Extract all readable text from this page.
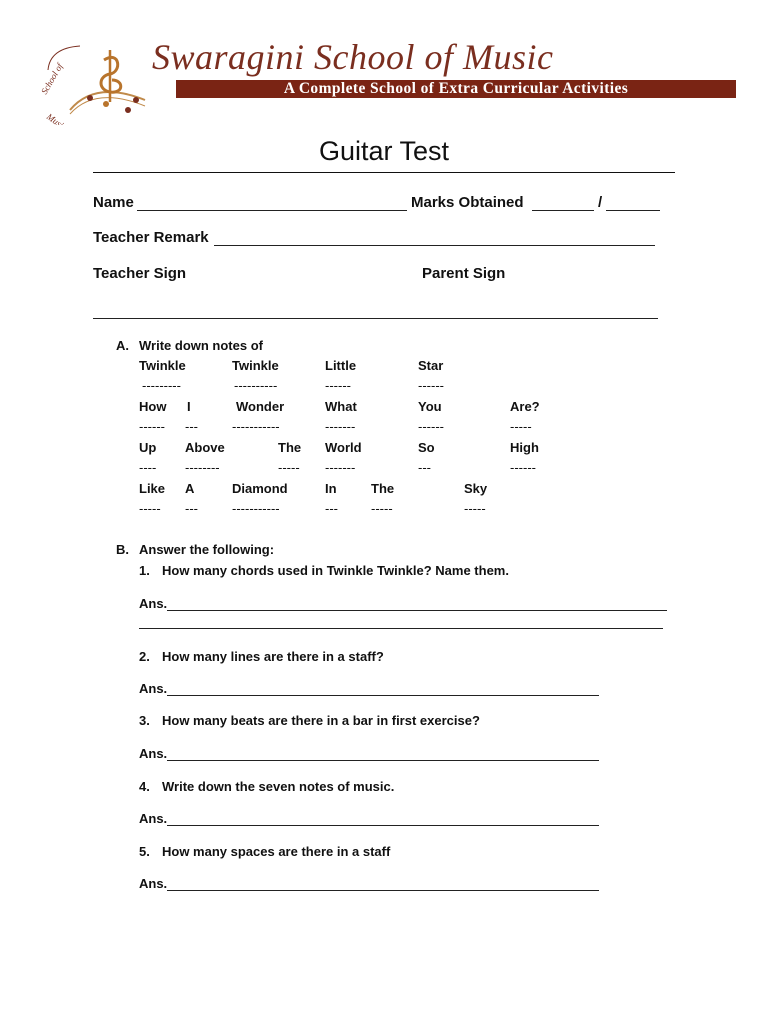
School of
Music
Swaragini School of Music
A Complete School of Extra Curricular Activities
Guitar Test
Name	Marks Obtained	/
Teacher Remark
Teacher Sign	Parent Sign
A. Write down notes of
Twinkle	Twinkle	Little	Star
---------	----------	------	------
How I	Wonder	What	You	Are?
------ ---	-----------	-------	------	-----
Up Above	The World	So	High
---- --------	----- -------	---	------
Like A	Diamond	In	The	Sky
----- ---	-----------	---	-----	-----
B. Answer the following:
1. How many chords used in Twinkle Twinkle? Name them.
Ans.
2. How many lines are there in a staff?
Ans.
3. How many beats are there in a bar in first exercise?
Ans.
4. Write down the seven notes of music.
Ans.
5. How many spaces are there in a staff
Ans.
